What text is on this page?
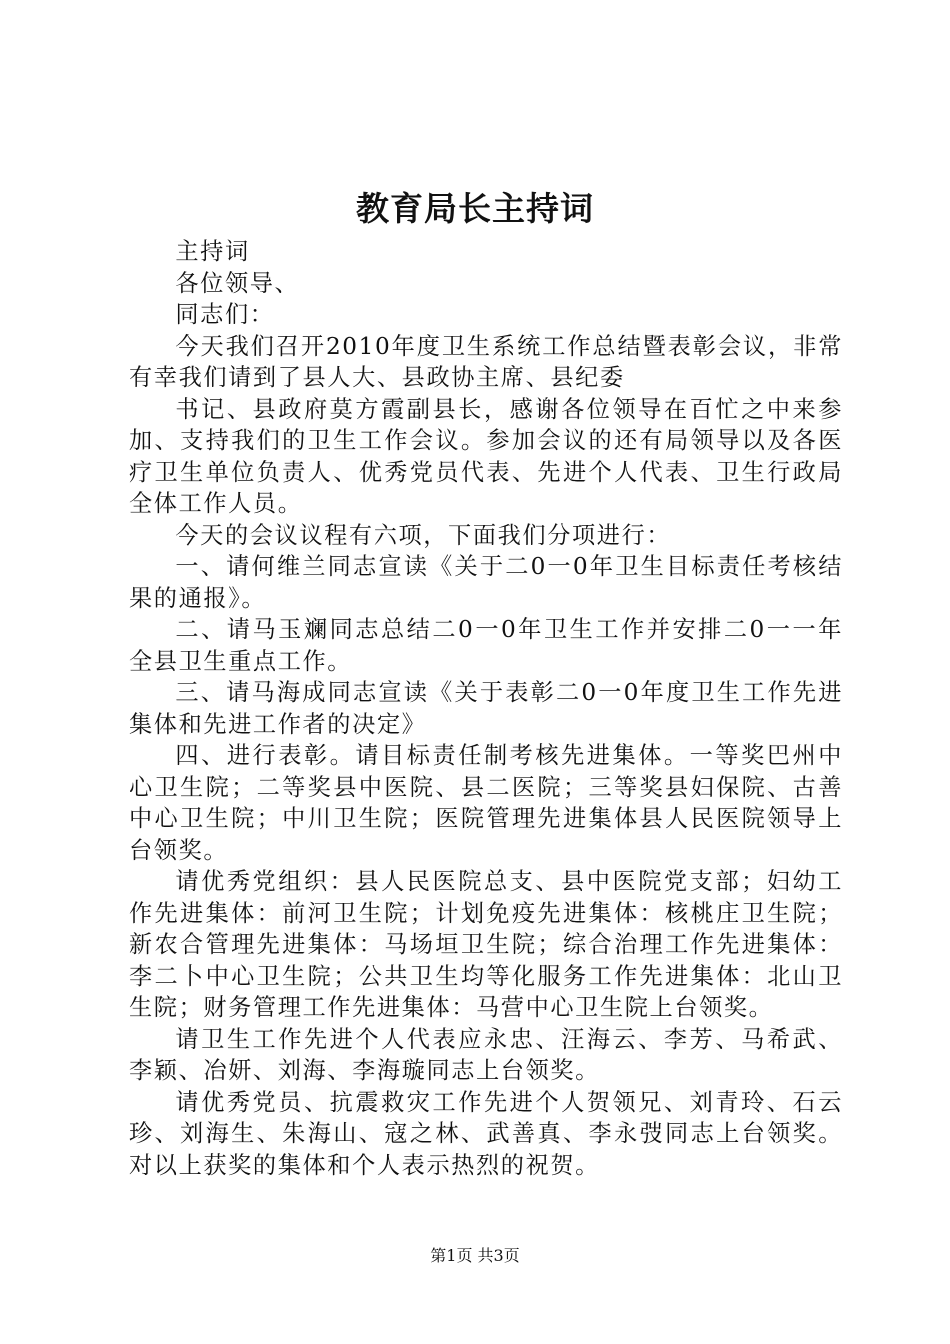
教育局长主持词

主持词

各位领导、

同志们：

今天我们召开2010年度卫生系统工作总结暨表彰会议，非常有幸我们请到了县人大、县政协主席、县纪委

书记、县政府莫方霞副县长，感谢各位领导在百忙之中来参加、支持我们的卫生工作会议。参加会议的还有局领导以及各医疗卫生单位负责人、优秀党员代表、先进个人代表、卫生行政局全体工作人员。

今天的会议议程有六项，下面我们分项进行：

一、请何维兰同志宣读《关于二0一0年卫生目标责任考核结果的通报》。

二、请马玉斓同志总结二0一0年卫生工作并安排二0一一年全县卫生重点工作。

三、请马海成同志宣读《关于表彰二0一0年度卫生工作先进集体和先进工作者的决定》

四、进行表彰。请目标责任制考核先进集体。一等奖巴州中心卫生院；二等奖县中医院、县二医院；三等奖县妇保院、古善中心卫生院；中川卫生院；医院管理先进集体县人民医院领导上台领奖。

请优秀党组织：县人民医院总支、县中医院党支部；妇幼工作先进集体：前河卫生院；计划免疫先进集体：核桃庄卫生院；新农合管理先进集体：马场垣卫生院；综合治理工作先进集体：李二卜中心卫生院；公共卫生均等化服务工作先进集体：北山卫生院；财务管理工作先进集体：马营中心卫生院上台领奖。

请卫生工作先进个人代表应永忠、汪海云、李芳、马希武、李颖、冶妍、刘海、李海璇同志上台领奖。

请优秀党员、抗震救灾工作先进个人贺领兄、刘青玲、石云珍、刘海生、朱海山、寇之林、武善真、李永弢同志上台领奖。对以上获奖的集体和个人表示热烈的祝贺。

第1页 共3页
